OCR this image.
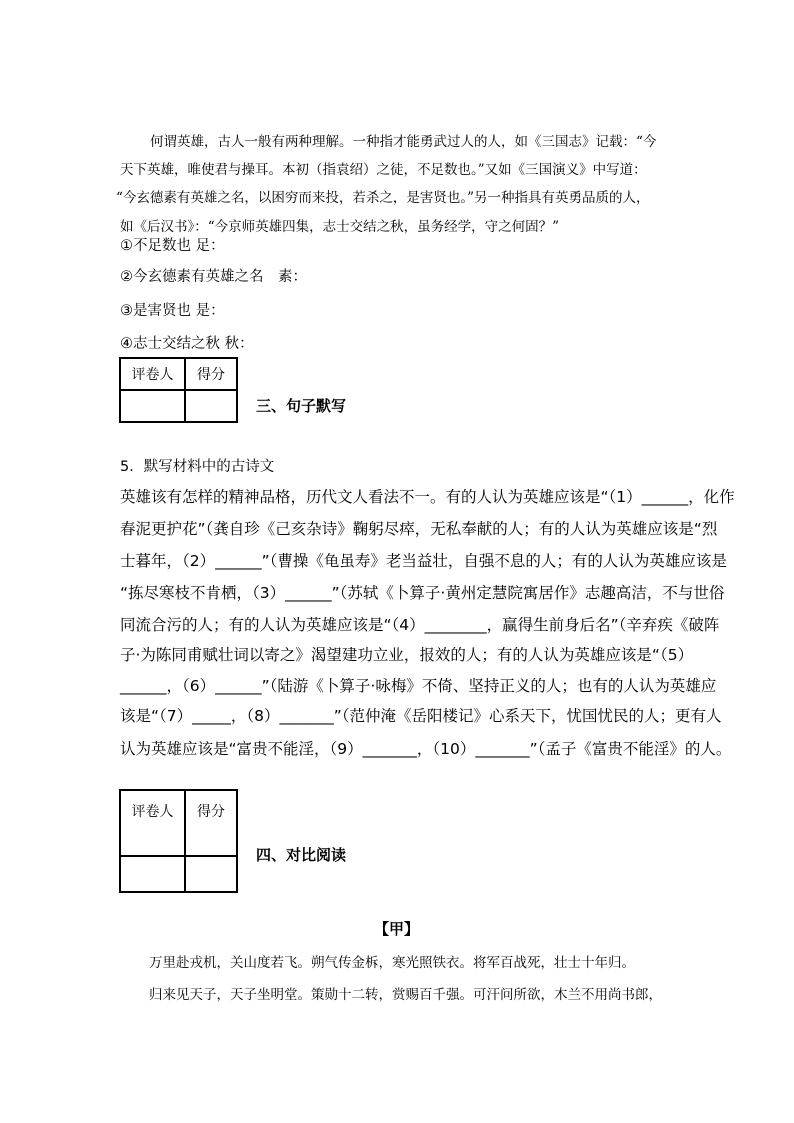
何谓英雄，古人一般有两种理解。一种指才能勇武过人的人，如《三国志》记载：“今
天下英雄，唯使君与操耳。本初（指袁绍）之徒，不足数也。”又如《三国演义》中写道：
“今玄德素有英雄之名，以困穷而来投，若杀之，是害贤也。”另一种指具有英勇品质的人，
如《后汉书》：“今京师英雄四集，志士交结之秋，虽务经学，守之何固？”
①不足数也 足：
②今玄德素有英雄之名　素：
③是害贤也 是：
④志士交结之秋 秋：
评卷人	得分

三、句子默写
5．默写材料中的古诗文
英雄该有怎样的精神品格，历代文人看法不一。有的人认为英雄应该是“（1）______，化作
春泥更护花”（龚自珍《己亥杂诗》鞠躬尽瘁，无私奉献的人；有的人认为英雄应该是“烈
士暮年，（2）______”（曹操《龟虽寿》老当益壮，自强不息的人；有的人认为英雄应该是
“拣尽寒枝不肯栖，（3）______”（苏轼《卜算子·黄州定慧院寓居作》志趣高洁，不与世俗
同流合污的人；有的人认为英雄应该是“（4）________，赢得生前身后名”（辛弃疾《破阵
子·为陈同甫赋壮词以寄之》渴望建功立业，报效的人；有的人认为英雄应该是“（5）
______，（6）______”（陆游《卜算子·咏梅》不倚、坚持正义的人；也有的人认为英雄应
该是“（7）_____，（8）_______”（范仲淹《岳阳楼记》心系天下，忧国忧民的人；更有人
认为英雄应该是“富贵不能淫，（9）_______，（10）_______”（孟子《富贵不能淫》的人。
评卷人	得分

四、对比阅读
【甲】
万里赴戎机，关山度若飞。朔气传金柝，寒光照铁衣。将军百战死，壮士十年归。
归来见天子，天子坐明堂。策勋十二转，赏赐百千强。可汗问所欲，木兰不用尚书郎，
